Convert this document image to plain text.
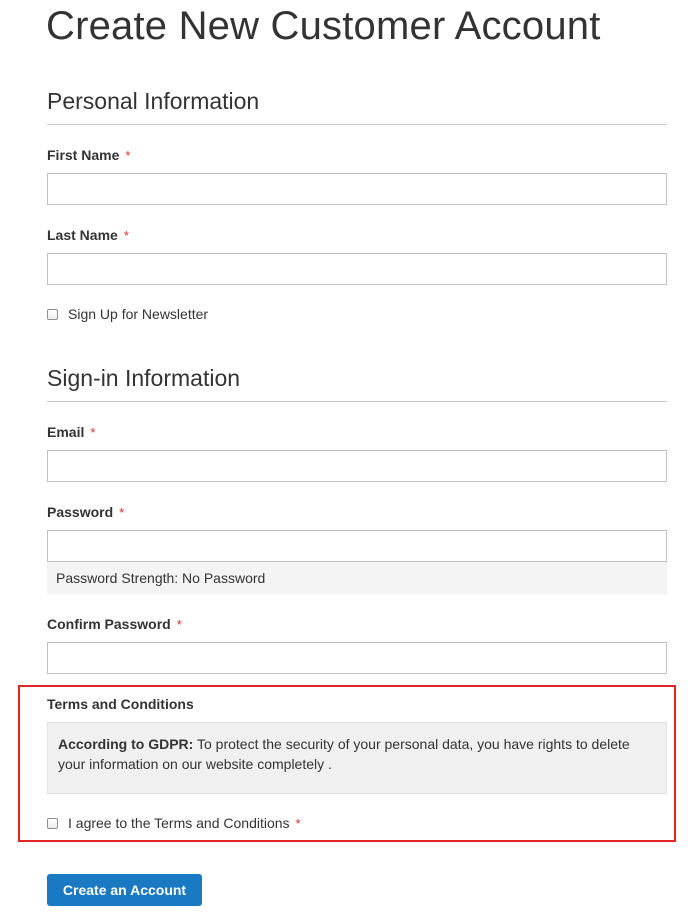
Create New Customer Account
Personal Information
First Name *
Last Name *
Sign Up for Newsletter
Sign-in Information
Email *
Password *
Password Strength: No Password
Confirm Password *
Terms and Conditions
According to GDPR: To protect the security of your personal data, you have rights to delete your information on our website completely .
I agree to the Terms and Conditions *
Create an Account
